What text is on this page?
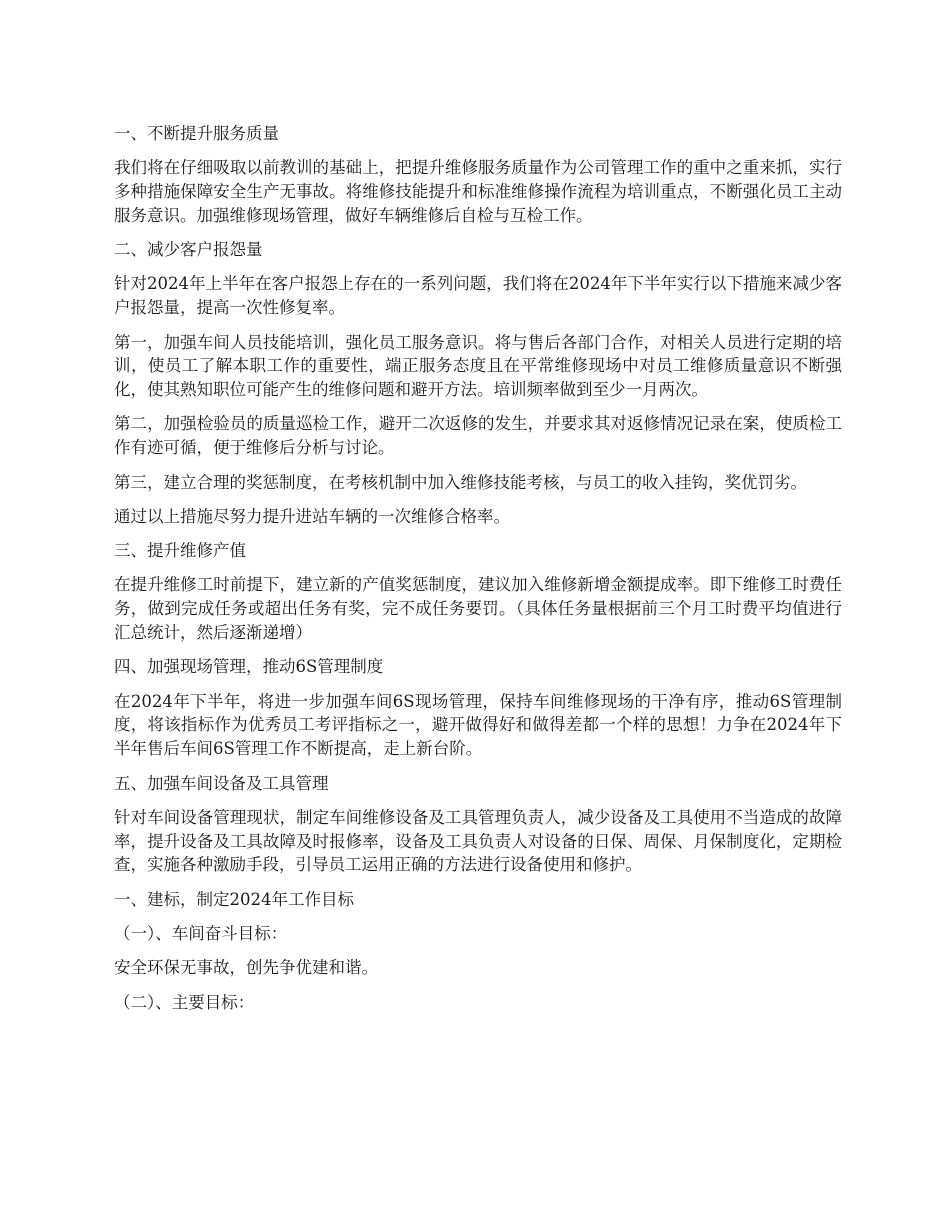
一、不断提升服务质量

我们将在仔细吸取以前教训的基础上，把提升维修服务质量作为公司管理工作的重中之重来抓，实行多种措施保障安全生产无事故。将维修技能提升和标准维修操作流程为培训重点，不断强化员工主动服务意识。加强维修现场管理，做好车辆维修后自检与互检工作。

二、减少客户报怨量

针对2024年上半年在客户报怨上存在的一系列问题，我们将在2024年下半年实行以下措施来减少客户报怨量，提高一次性修复率。

第一，加强车间人员技能培训，强化员工服务意识。将与售后各部门合作，对相关人员进行定期的培训，使员工了解本职工作的重要性，端正服务态度且在平常维修现场中对员工维修质量意识不断强化，使其熟知职位可能产生的维修问题和避开方法。培训频率做到至少一月两次。

第二，加强检验员的质量巡检工作，避开二次返修的发生，并要求其对返修情况记录在案，使质检工作有迹可循，便于维修后分析与讨论。

第三，建立合理的奖惩制度，在考核机制中加入维修技能考核，与员工的收入挂钩，奖优罚劣。

通过以上措施尽努力提升进站车辆的一次维修合格率。

三、提升维修产值

在提升维修工时前提下，建立新的产值奖惩制度，建议加入维修新增金额提成率。即下维修工时费任务，做到完成任务或超出任务有奖，完不成任务要罚。（具体任务量根据前三个月工时费平均值进行汇总统计，然后逐渐递增）

四、加强现场管理，推动6S管理制度

在2024年下半年，将进一步加强车间6S现场管理，保持车间维修现场的干净有序，推动6S管理制度，将该指标作为优秀员工考评指标之一，避开做得好和做得差都一个样的思想！力争在2024年下半年售后车间6S管理工作不断提高，走上新台阶。

五、加强车间设备及工具管理

针对车间设备管理现状，制定车间维修设备及工具管理负责人，减少设备及工具使用不当造成的故障率，提升设备及工具故障及时报修率，设备及工具负责人对设备的日保、周保、月保制度化，定期检查，实施各种激励手段，引导员工运用正确的方法进行设备使用和修护。

一、建标，制定2024年工作目标

（一）、车间奋斗目标：

安全环保无事故，创先争优建和谐。

（二）、主要目标：
